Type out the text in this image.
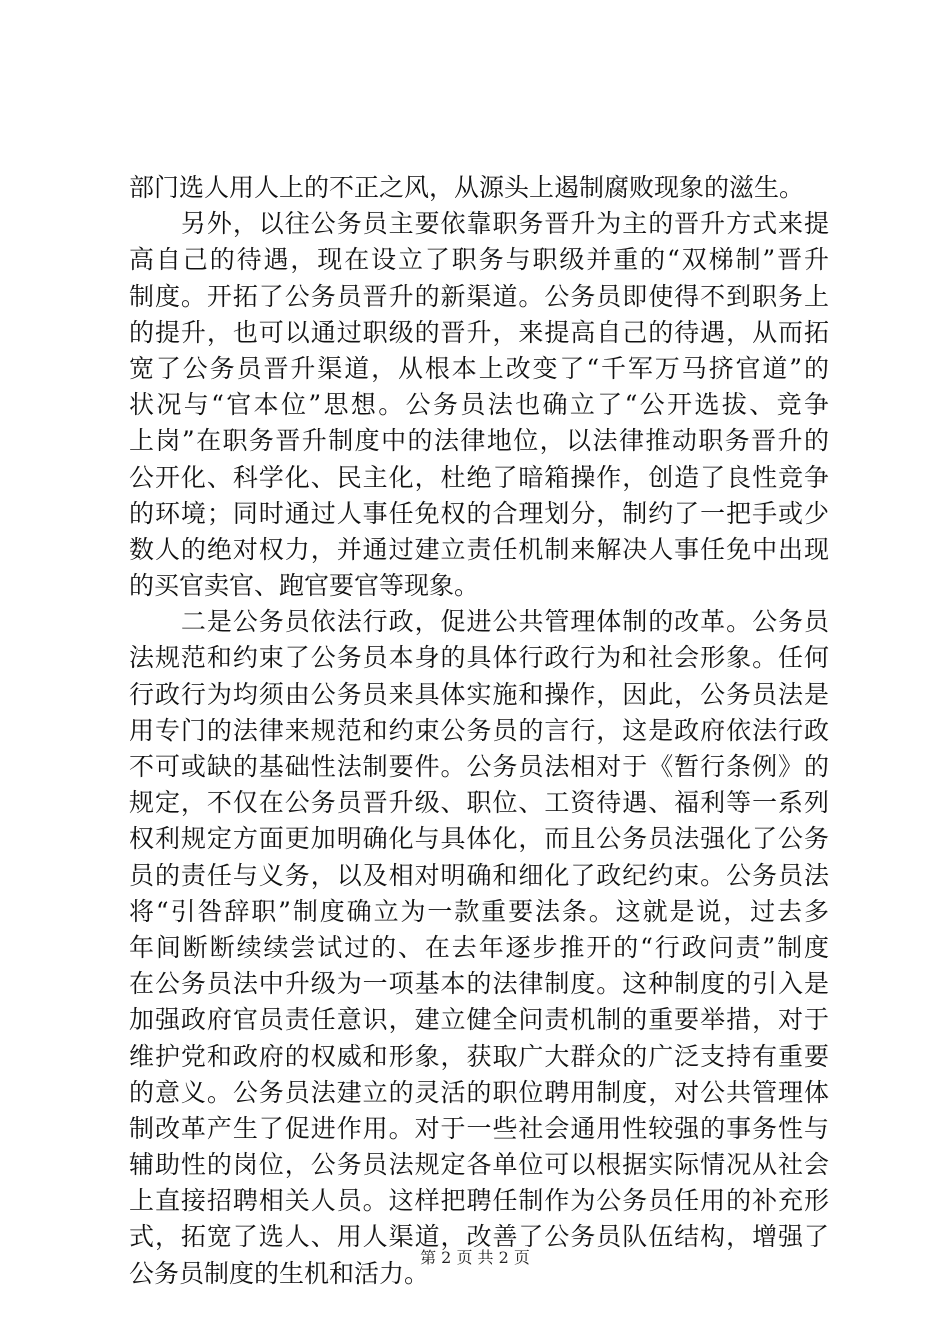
部门选人用人上的不正之风，从源头上遏制腐败现象的滋生。
　　另外，以往公务员主要依靠职务晋升为主的晋升方式来提
高自己的待遇，现在设立了职务与职级并重的“双梯制”晋升
制度。开拓了公务员晋升的新渠道。公务员即使得不到职务上
的提升，也可以通过职级的晋升，来提高自己的待遇，从而拓
宽了公务员晋升渠道，从根本上改变了“千军万马挤官道”的
状况与“官本位”思想。公务员法也确立了“公开选拔、竞争
上岗”在职务晋升制度中的法律地位，以法律推动职务晋升的
公开化、科学化、民主化，杜绝了暗箱操作，创造了良性竞争
的环境；同时通过人事任免权的合理划分，制约了一把手或少
数人的绝对权力，并通过建立责任机制来解决人事任免中出现
的买官卖官、跑官要官等现象。
　　二是公务员依法行政，促进公共管理体制的改革。公务员
法规范和约束了公务员本身的具体行政行为和社会形象。任何
行政行为均须由公务员来具体实施和操作，因此，公务员法是
用专门的法律来规范和约束公务员的言行，这是政府依法行政
不可或缺的基础性法制要件。公务员法相对于《暂行条例》的
规定，不仅在公务员晋升级、职位、工资待遇、福利等一系列
权利规定方面更加明确化与具体化，而且公务员法强化了公务
员的责任与义务，以及相对明确和细化了政纪约束。公务员法
将“引咎辞职”制度确立为一款重要法条。这就是说，过去多
年间断断续续尝试过的、在去年逐步推开的“行政问责”制度
在公务员法中升级为一项基本的法律制度。这种制度的引入是
加强政府官员责任意识，建立健全问责机制的重要举措，对于
维护党和政府的权威和形象，获取广大群众的广泛支持有重要
的意义。公务员法建立的灵活的职位聘用制度，对公共管理体
制改革产生了促进作用。对于一些社会通用性较强的事务性与
辅助性的岗位，公务员法规定各单位可以根据实际情况从社会
上直接招聘相关人员。这样把聘任制作为公务员任用的补充形
式，拓宽了选人、用人渠道，改善了公务员队伍结构，增强了
公务员制度的生机和活力。
第 2 页 共 2 页
